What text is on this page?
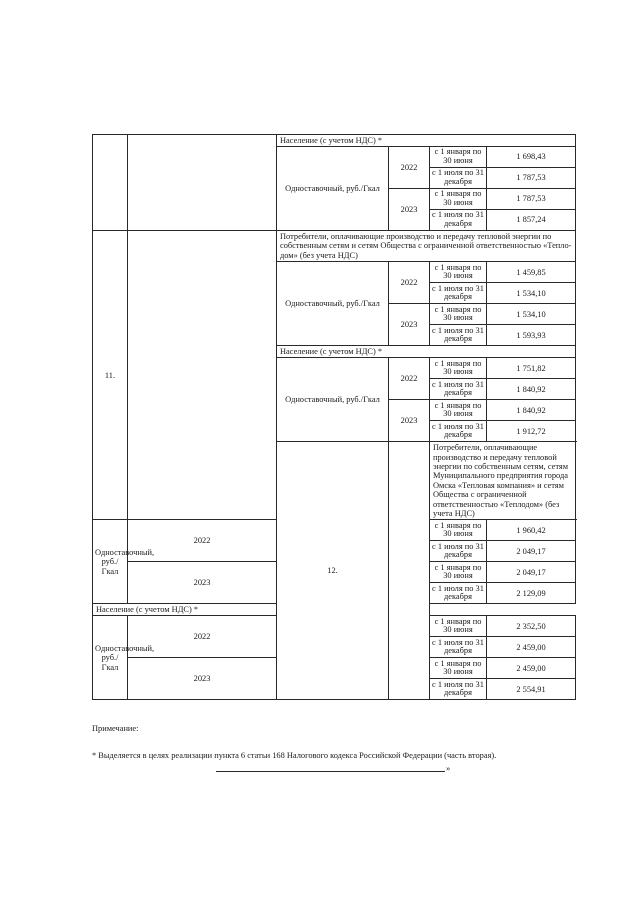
		Население (с учетом НДС) *			
		Одноставочный, руб./Гкал	2022	с 1 января по 30 июня	1 698,43
				с 1 июля по 31 декабря	1 787,53
			2023	с 1 января по 30 июня	1 787,53
				с 1 июля по 31 декабря	1 857,24
11.		Потребители, оплачивающие производство и передачу тепловой энергии по собственным сетям и сетям Общества с ограниченной ответственностью «Теплодом» (без учета НДС)			
		Одноставочный, руб./Гкал	2022	с 1 января по 30 июня	1 459,85
				с 1 июля по 31 декабря	1 534,10
			2023	с 1 января по 30 июня	1 534,10
				с 1 июля по 31 декабря	1 593,93
		Население (с учетом НДС) *			
		Одноставочный, руб./Гкал	2022	с 1 января по 30 июня	1 751,82
				с 1 июля по 31 декабря	1 840,92
			2023	с 1 января по 30 июня	1 840,92
				с 1 июля по 31 декабря	1 912,72
		12.		Потребители, оплачивающие производство и передачу тепловой энергии по собственным сетям, сетям Муниципального предприятия города Омска «Тепловая компания» и сетям Общества с ограниченной ответственностью «Теплодом» (без учета НДС)	
Одноставочный, руб./Гкал	2022			с 1 января по 30 июня	1 960,42
				с 1 июля по 31 декабря	2 049,17
	2023			с 1 января по 30 июня	2 049,17
				с 1 июля по 31 декабря	2 129,09
Население (с учетом НДС) *					
Одноставочный, руб./Гкал	2022			с 1 января по 30 июня	2 352,50
				с 1 июля по 31 декабря	2 459,00
	2023			с 1 января по 30 июня	2 459,00
				с 1 июля по 31 декабря	2 554,91
Примечание:
* Выделяется в целях реализации пункта 6 статьи 168 Налогового кодекса Российской Федерации (часть вторая).
»
